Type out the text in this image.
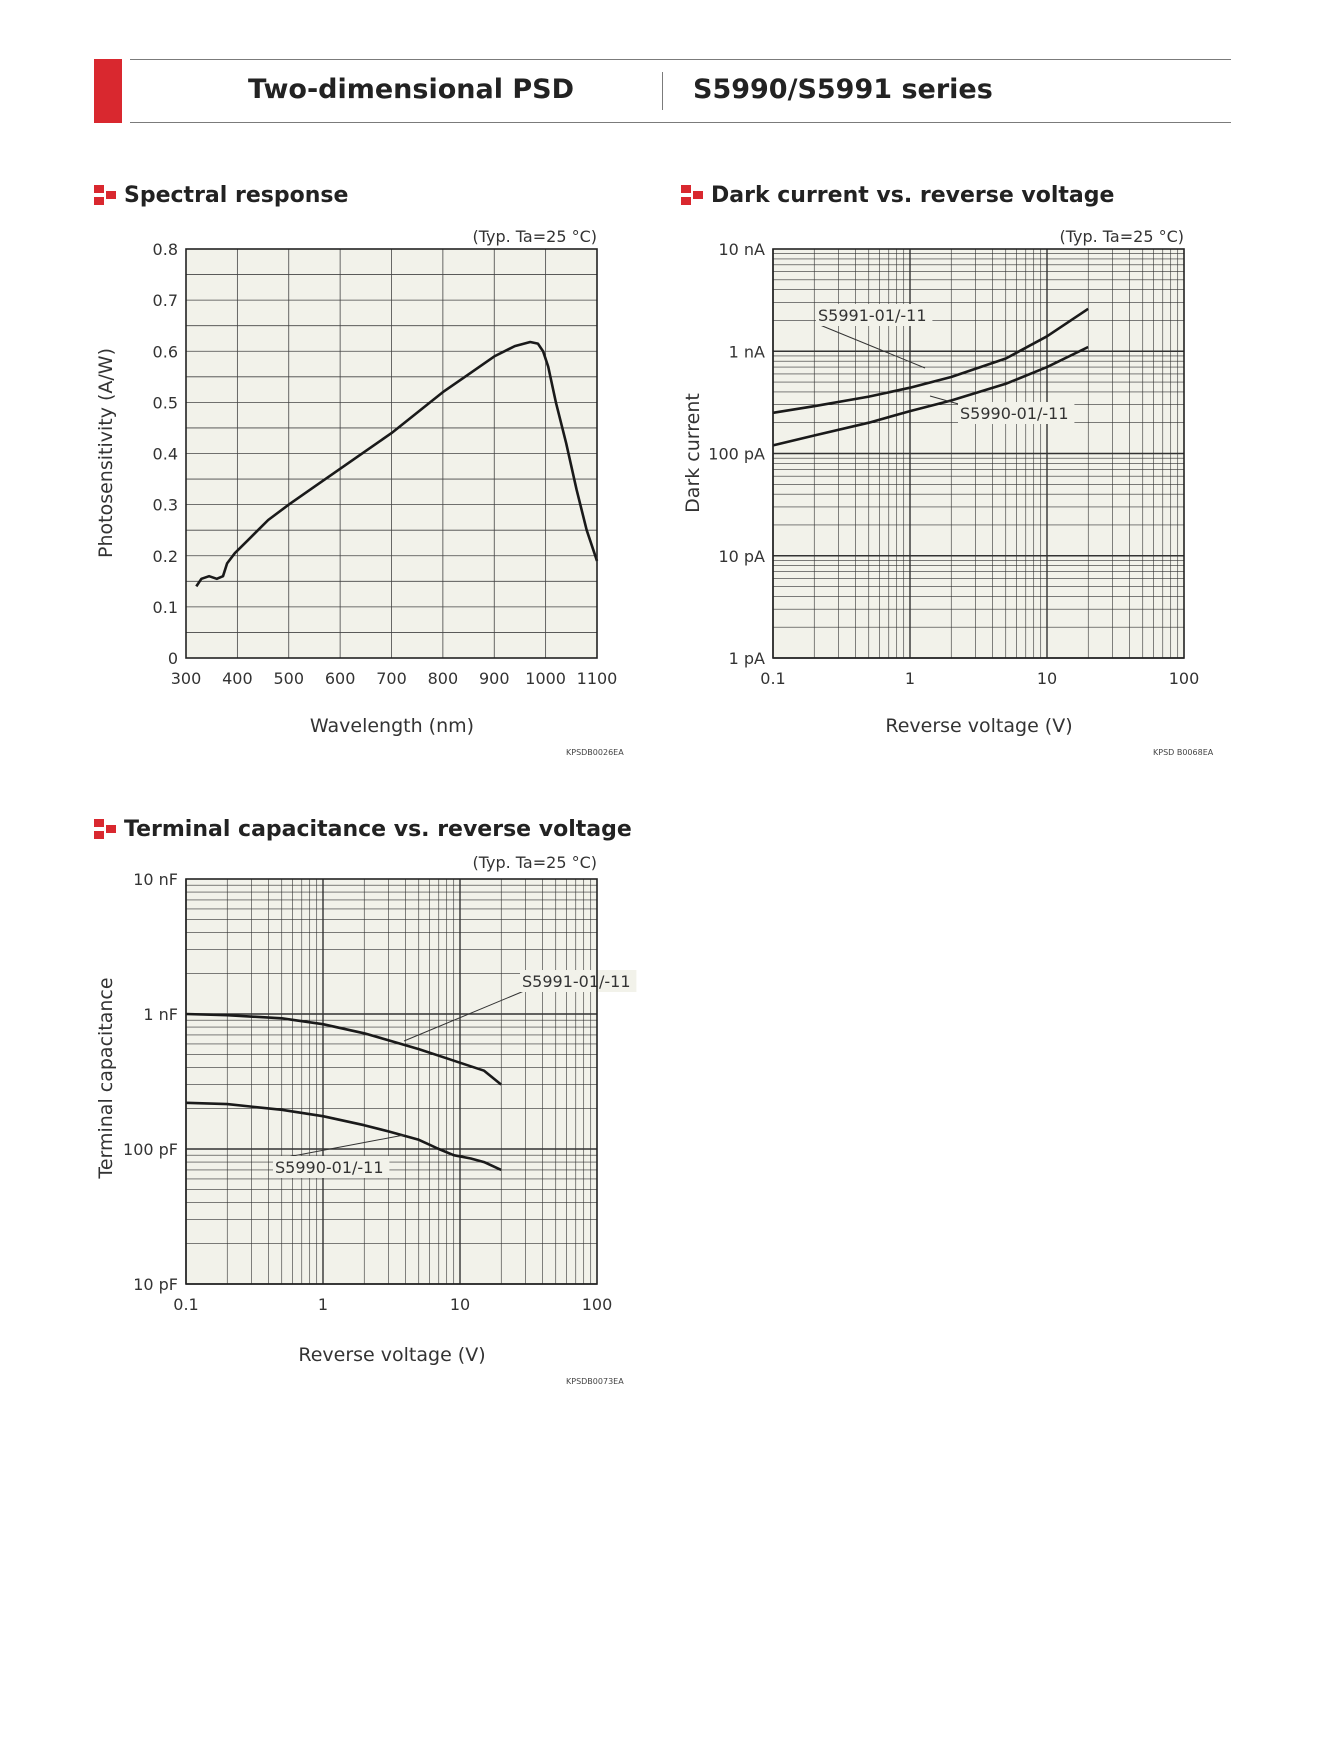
Two-dimensional PSD	S5990/S5991 series
Spectral response	Dark current vs. reverse voltage
Terminal capacitance vs. reverse voltage
300 400 500 600 700 800 900 1000 1100
0
0.1
0.2
0.3
0.4
0.5
0.6
0.7
0.8
(Typ. Ta=25 °C)
Wavelength (nm)
Photosensitivity (A/W)
0.1	1	10	100
1 pA
10 pA
100 pA
1 nA
10 nA
S5991-01/-11
S5990-01/-11
(Typ. Ta=25 °C)
Reverse voltage (V)
Dark current
0.1	1	10	100
10 pF
100 pF
1 nF
10 nF
S5991-01/-11
S5990-01/-11
(Typ. Ta=25 °C)
Reverse voltage (V)
Terminal capacitance
KPSDB0026EA	KPSD B0068EA
KPSDB0073EA
